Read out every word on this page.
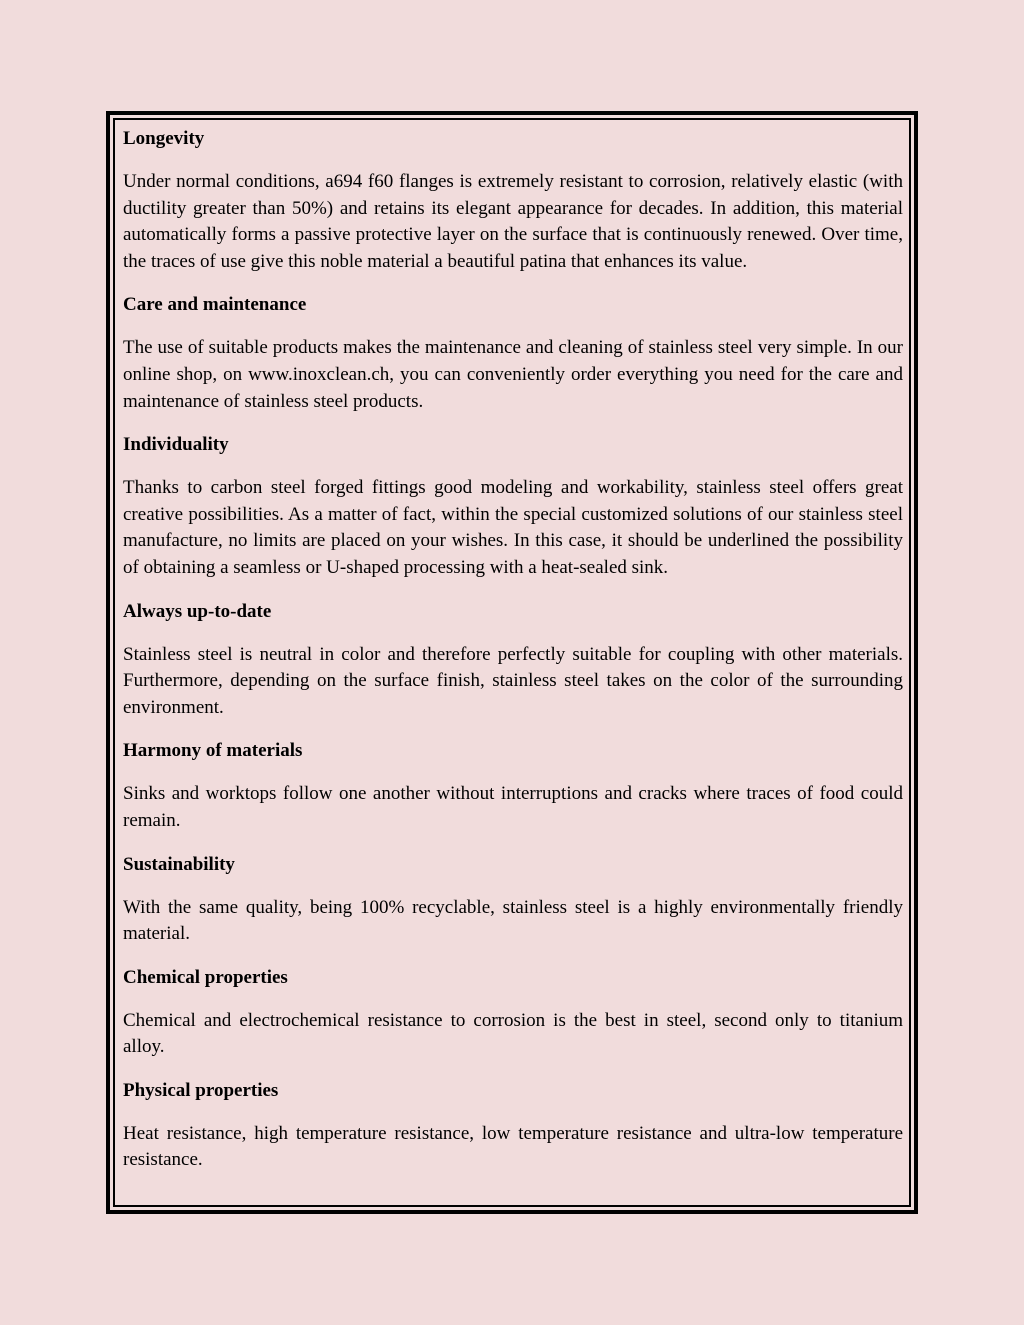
Longevity

Under normal conditions, a694 f60 flanges is extremely resistant to corrosion, relatively elastic (with ductility greater than 50%) and retains its elegant appearance for decades. In addition, this material automatically forms a passive protective layer on the surface that is continuously renewed. Over time, the traces of use give this noble material a beautiful patina that enhances its value.

Care and maintenance

The use of suitable products makes the maintenance and cleaning of stainless steel very simple. In our online shop, on www.inoxclean.ch, you can conveniently order everything you need for the care and maintenance of stainless steel products.

Individuality

Thanks to carbon steel forged fittings good modeling and workability, stainless steel offers great creative possibilities. As a matter of fact, within the special customized solutions of our stainless steel manufacture, no limits are placed on your wishes. In this case, it should be underlined the possibility of obtaining a seamless or U-shaped processing with a heat-sealed sink.

Always up-to-date

Stainless steel is neutral in color and therefore perfectly suitable for coupling with other materials. Furthermore, depending on the surface finish, stainless steel takes on the color of the surrounding environment.

Harmony of materials

Sinks and worktops follow one another without interruptions and cracks where traces of food could remain.

Sustainability

With the same quality, being 100% recyclable, stainless steel is a highly environmentally friendly material.

Chemical properties

Chemical and electrochemical resistance to corrosion is the best in steel, second only to titanium alloy.

Physical properties

Heat resistance, high temperature resistance, low temperature resistance and ultra-low temperature resistance.
